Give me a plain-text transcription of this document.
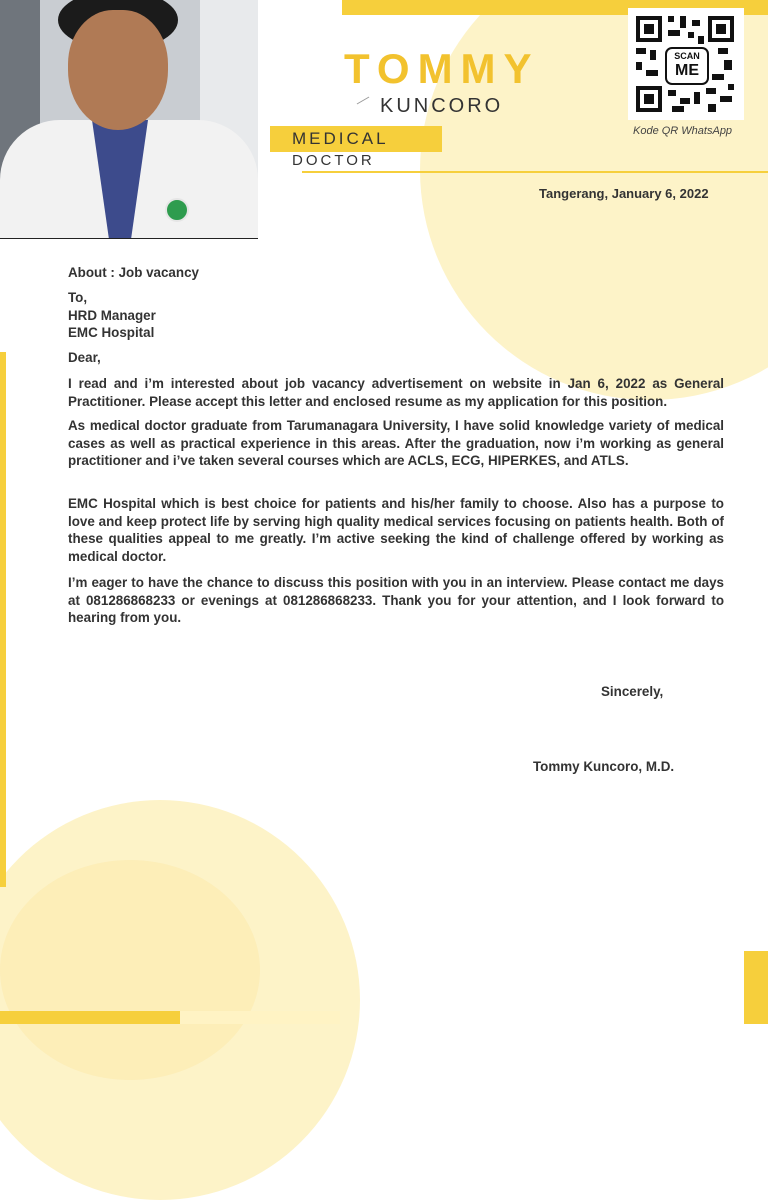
TOMMY
KUNCORO
MEDICAL
DOCTOR
SCAN
ME
Kode QR WhatsApp
Tangerang, January 6, 2022
About : Job vacancy
To,
HRD Manager
EMC Hospital
Dear,
I read and i’m interested about job vacancy advertisement on website in Jan 6, 2022 as General Practitioner. Please accept this letter and enclosed resume as my application for this position.
As medical doctor graduate from Tarumanagara University, I have solid knowledge variety of medical cases as well as practical experience in this areas. After the graduation, now i’m working as general practitioner and i’ve taken several courses which are ACLS, ECG, HIPERKES, and ATLS.
EMC Hospital which is best choice for patients and his/her family to choose. Also has a purpose to love and keep protect life by serving high quality medical services focusing on patients health. Both of these qualities appeal to me greatly. I’m active seeking the kind of challenge offered by working as medical doctor.
I’m eager to have the chance to discuss this position with you in an interview. Please contact me days at 081286868233 or evenings at 081286868233. Thank you for your attention, and I look forward to hearing from you.
Sincerely,
Tommy Kuncoro, M.D.
